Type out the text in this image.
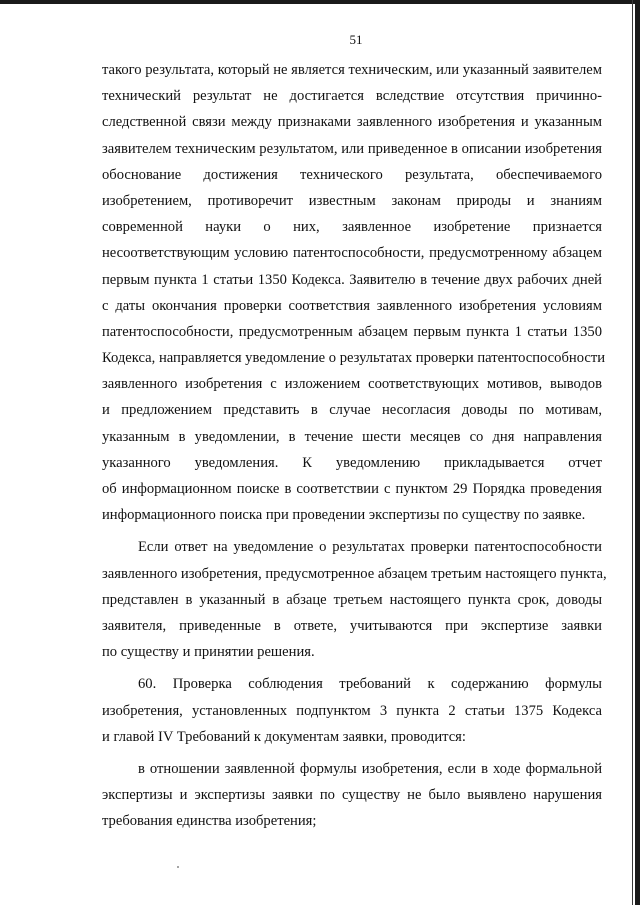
51
такого результата, который не является техническим, или указанный заявителем
технический результат не достигается вследствие отсутствия причинно-
следственной связи между признаками заявленного изобретения и указанным
заявителем техническим результатом, или приведенное в описании изобретения
обоснование достижения технического результата, обеспечиваемого
изобретением, противоречит известным законам природы и знаниям
современной науки о них, заявленное изобретение признается
несоответствующим условию патентоспособности, предусмотренному абзацем
первым пункта 1 статьи 1350 Кодекса. Заявителю в течение двух рабочих дней
с даты окончания проверки соответствия заявленного изобретения условиям
патентоспособности, предусмотренным абзацем первым пункта 1 статьи 1350
Кодекса, направляется уведомление о результатах проверки патентоспособности
заявленного изобретения с изложением соответствующих мотивов, выводов
и предложением представить в случае несогласия доводы по мотивам,
указанным в уведомлении, в течение шести месяцев со дня направления
указанного уведомления. К уведомлению прикладывается отчет
об информационном поиске в соответствии с пунктом 29 Порядка проведения
информационного поиска при проведении экспертизы по существу по заявке.
Если ответ на уведомление о результатах проверки патентоспособности
заявленного изобретения, предусмотренное абзацем третьим настоящего пункта,
представлен в указанный в абзаце третьем настоящего пункта срок, доводы
заявителя, приведенные в ответе, учитываются при экспертизе заявки
по существу и принятии решения.
60. Проверка соблюдения требований к содержанию формулы
изобретения, установленных подпунктом 3 пункта 2 статьи 1375 Кодекса
и главой IV Требований к документам заявки, проводится:
в отношении заявленной формулы изобретения, если в ходе формальной
экспертизы и экспертизы заявки по существу не было выявлено нарушения
требования единства изобретения;
